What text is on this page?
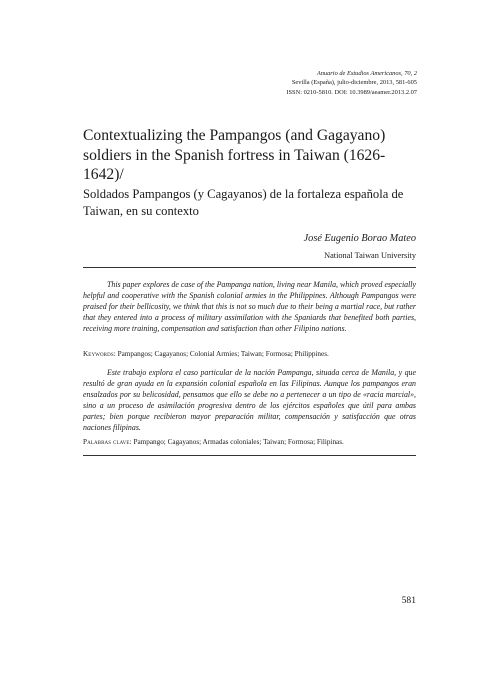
Anuario de Estudios Americanos, 70, 2
Sevilla (España), julio-diciembre, 2013, 581-605
ISSN: 0210-5810. DOI: 10.3989/aeamer.2013.2.07
Contextualizing the Pampangos (and Gagayano) soldiers in the Spanish fortress in Taiwan (1626-1642)/
Soldados Pampangos (y Cagayanos) de la fortaleza española de Taiwan, en su contexto
José Eugenio Borao Mateo
National Taiwan University

This paper explores de case of the Pampanga nation, living near Manila, which proved especially helpful and cooperative with the Spanish colonial armies in the Philippines. Although Pampangos were praised for their bellicosity, we think that this is not so much due to their being a martial race, but rather that they entered into a process of military assimilation with the Spaniards that benefited both parties, receiving more training, compensation and satisfaction than other Filipino nations.

Keywords: Pampangos; Cagayanos; Colonial Armies; Taiwan; Formosa; Philippines.

Este trabajo explora el caso particular de la nación Pampanga, situada cerca de Manila, y que resultó de gran ayuda en la expansión colonial española en las Filipinas. Aunque los pampangos eran ensalzados por su belicosidad, pensamos que ello se debe no a pertenecer a un tipo de «racia marcial», sino a un proceso de asimilación progresiva dentro de los ejércitos españoles que útil para ambas partes; bien porque recibieron mayor preparación militar, compensación y satisfacción que otras naciones filipinas.

Palabras clave: Pampango; Cagayanos; Armadas coloniales; Taiwan; Formosa; Filipinas.

581
